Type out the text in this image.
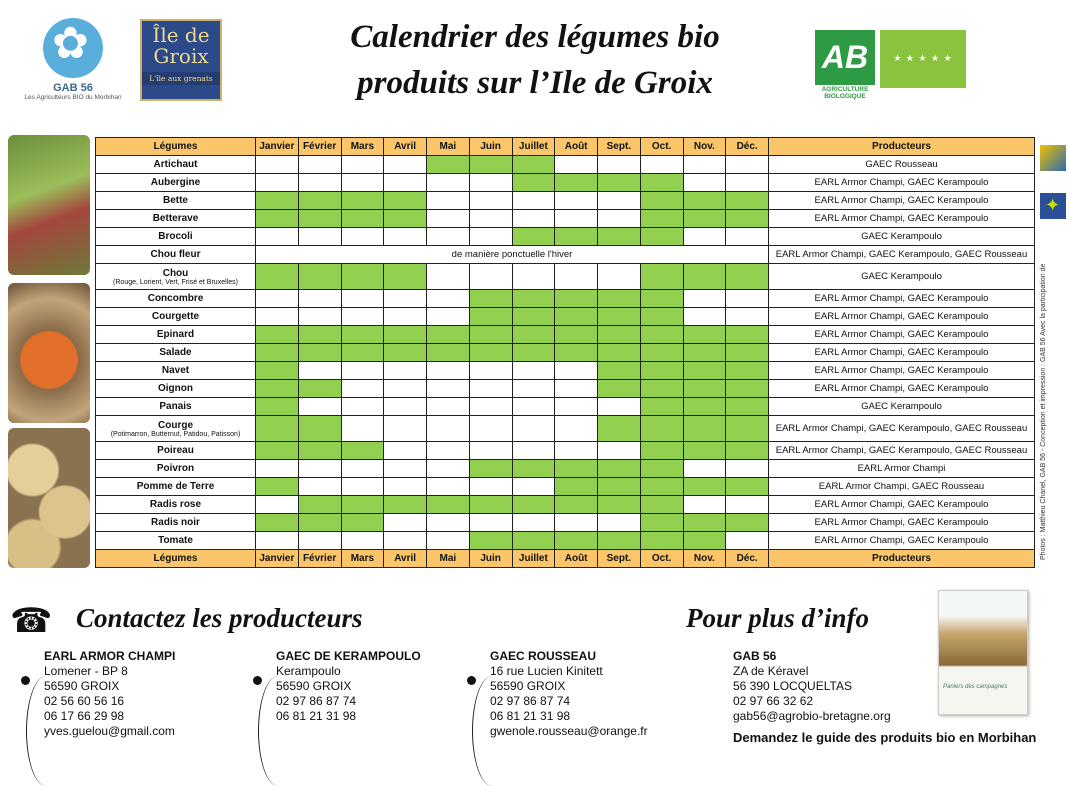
✿
GAB 56
Les Agriculteurs BIO du Morbihan
Île de Groix
L'île aux grenats
Calendrier des légumes bio
produits sur l’Ile de Groix
AB
AGRICULTURE BIOLOGIQUE
★ ★ ★ ★ ★
Légumes	Janvier	Février	Mars	Avril	Mai	Juin	Juillet	Août	Sept.	Oct.	Nov.	Déc.	Producteurs
Artichaut													GAEC Rousseau
Aubergine													EARL Armor Champi, GAEC Kerampoulo
Bette													EARL Armor Champi, GAEC Kerampoulo
Betterave													EARL Armor Champi, GAEC Kerampoulo
Brocoli													GAEC Kerampoulo
Chou fleur	de manière ponctuelle l'hiver												EARL Armor Champi, GAEC Kerampoulo, GAEC Rousseau
Chou
(Rouge, Lorient, Vert, Frisé et Bruxelles)													GAEC Kerampoulo
Concombre													EARL Armor Champi, GAEC Kerampoulo
Courgette													EARL Armor Champi, GAEC Kerampoulo
Epinard													EARL Armor Champi, GAEC Kerampoulo
Salade													EARL Armor Champi, GAEC Kerampoulo
Navet													EARL Armor Champi, GAEC Kerampoulo
Oignon													EARL Armor Champi, GAEC Kerampoulo
Panais													GAEC Kerampoulo
Courge
(Potimarron, Butternut, Patidou, Patisson)													EARL Armor Champi, GAEC Kerampoulo, GAEC Rousseau
Poireau													EARL Armor Champi, GAEC Kerampoulo, GAEC Rousseau
Poivron													EARL Armor Champi
Pomme de Terre													EARL Armor Champi, GAEC Rousseau
Radis rose													EARL Armor Champi, GAEC Kerampoulo
Radis noir													EARL Armor Champi, GAEC Kerampoulo
Tomate													EARL Armor Champi, GAEC Kerampoulo
Légumes	Janvier	Février	Mars	Avril	Mai	Juin	Juillet	Août	Sept.	Oct.	Nov.	Déc.	Producteurs
✦	Photos : Matthieu Chanel, GAB 56 - Conception et impression : GAB 56 Avec la participation de
☎ Contactez les producteurs	Pour plus d’info
GAB 56
ZA de Kéravel
56 390 LOCQUELTAS
02 97 66 32 62
gab56@agrobio-bretagne.org
Demandez le guide des produits bio en Morbihan
Paniers des campagnes
EARL ARMOR CHAMPI
Lomener - BP 8
56590 GROIX
02 56 60 56 16
06 17 66 29 98
yves.guelou@gmail.com
GAEC DE KERAMPOULO
Kerampoulo
56590 GROIX
02 97 86 87 74
06 81 21 31 98
GAEC ROUSSEAU
16 rue Lucien Kinitett
56590 GROIX
02 97 86 87 74
06 81 21 31 98
gwenole.rousseau@orange.fr
